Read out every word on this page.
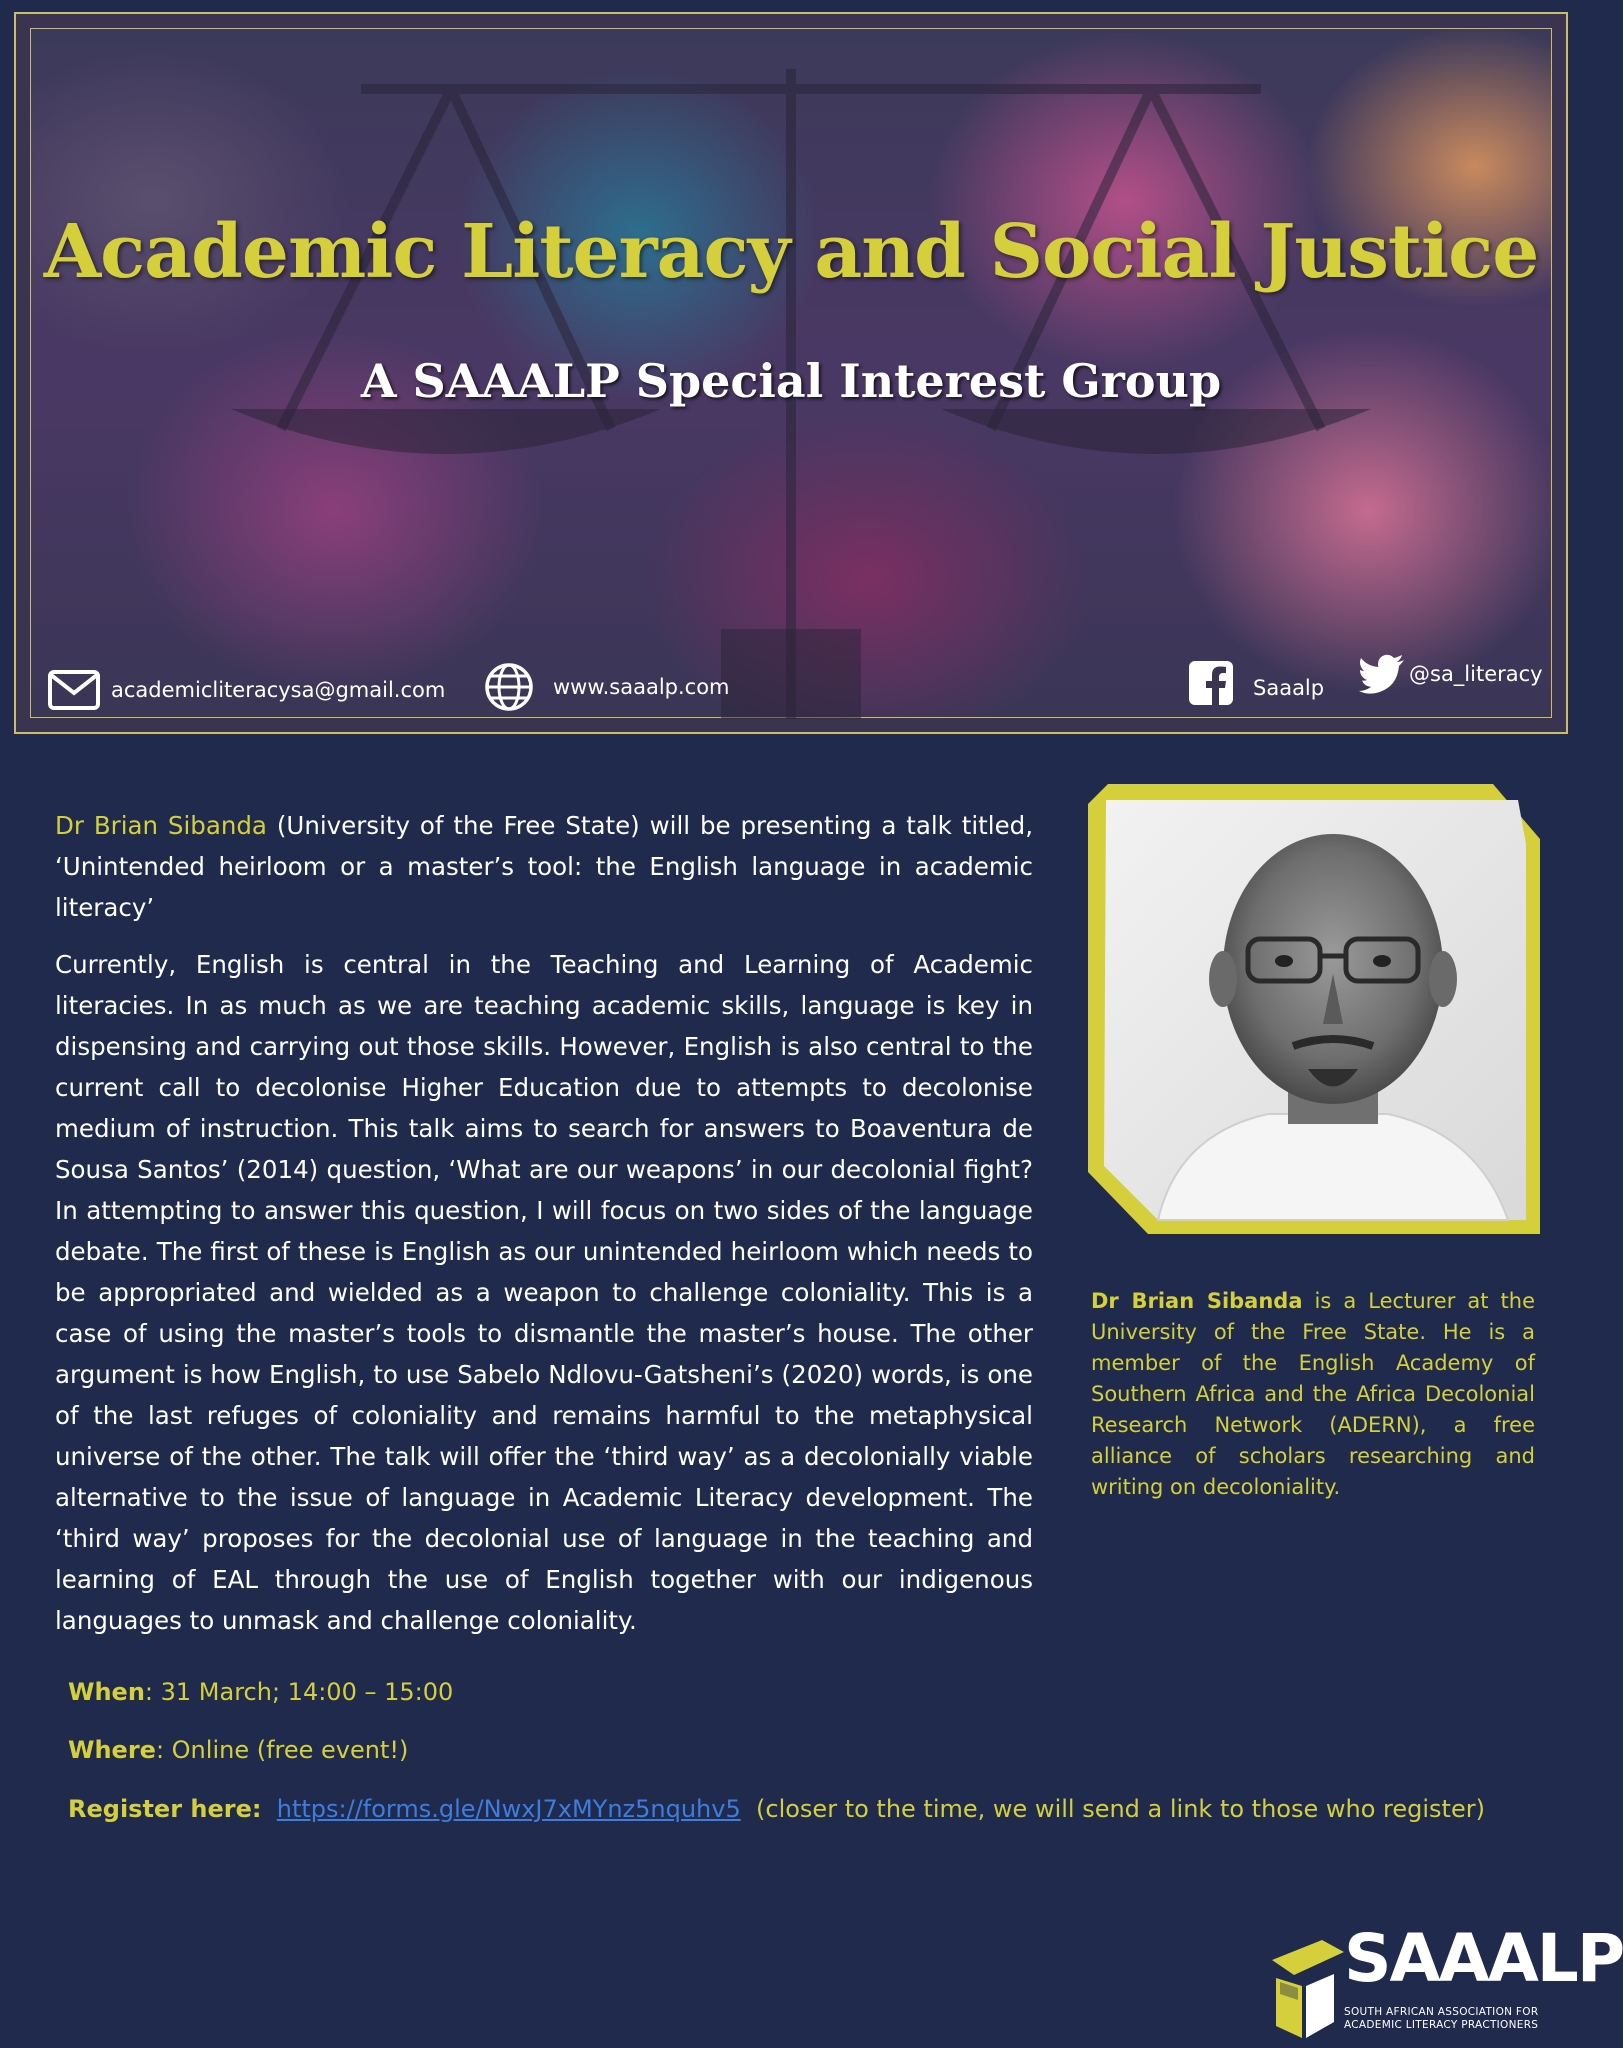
Academic Literacy and Social Justice
A SAAALP Special Interest Group
academicliteracysa@gmail.com	www.saaalp.com	Saaalp
@sa_literacy

Dr Brian Sibanda (University of the Free State) will be presenting a talk titled, ‘Unintended heirloom or a master’s tool: the English language in academic literacy’

Currently, English is central in the Teaching and Learning of Academic literacies. In as much as we are teaching academic skills, language is key in dispensing and carrying out those skills. However, English is also central to the current call to decolonise Higher Education due to attempts to decolonise medium of instruction. This talk aims to search for answers to Boaventura de Sousa Santos’ (2014) question, ‘What are our weapons’ in our decolonial fight? In attempting to answer this question, I will focus on two sides of the language debate. The first of these is English as our unintended heirloom which needs to be appropriated and wielded as a weapon to challenge coloniality. This is a case of using the master’s tools to dismantle the master’s house. The other argument is how English, to use Sabelo Ndlovu-Gatsheni’s (2020) words, is one of the last refuges of coloniality and remains harmful to the metaphysical universe of the other. The talk will offer the ‘third way’ as a decolonially viable alternative to the issue of language in Academic Literacy development. The ‘third way’ proposes for the decolonial use of language in the teaching and learning of EAL through the use of English together with our indigenous languages to unmask and challenge coloniality.

Dr Brian Sibanda is a Lecturer at the University of the Free State. He is a member of the English Academy of Southern Africa and the Africa Decolonial Research Network (ADERN), a free alliance of scholars researching and writing on decoloniality.
When: 31 March; 14:00 – 15:00
Where: Online (free event!)
Register here: https://forms.gle/NwxJ7xMYnz5nquhv5 (closer to the time, we will send a link to those who register)
SAAALP
SOUTH AFRICAN ASSOCIATION FOR
ACADEMIC LITERACY PRACTIONERS
